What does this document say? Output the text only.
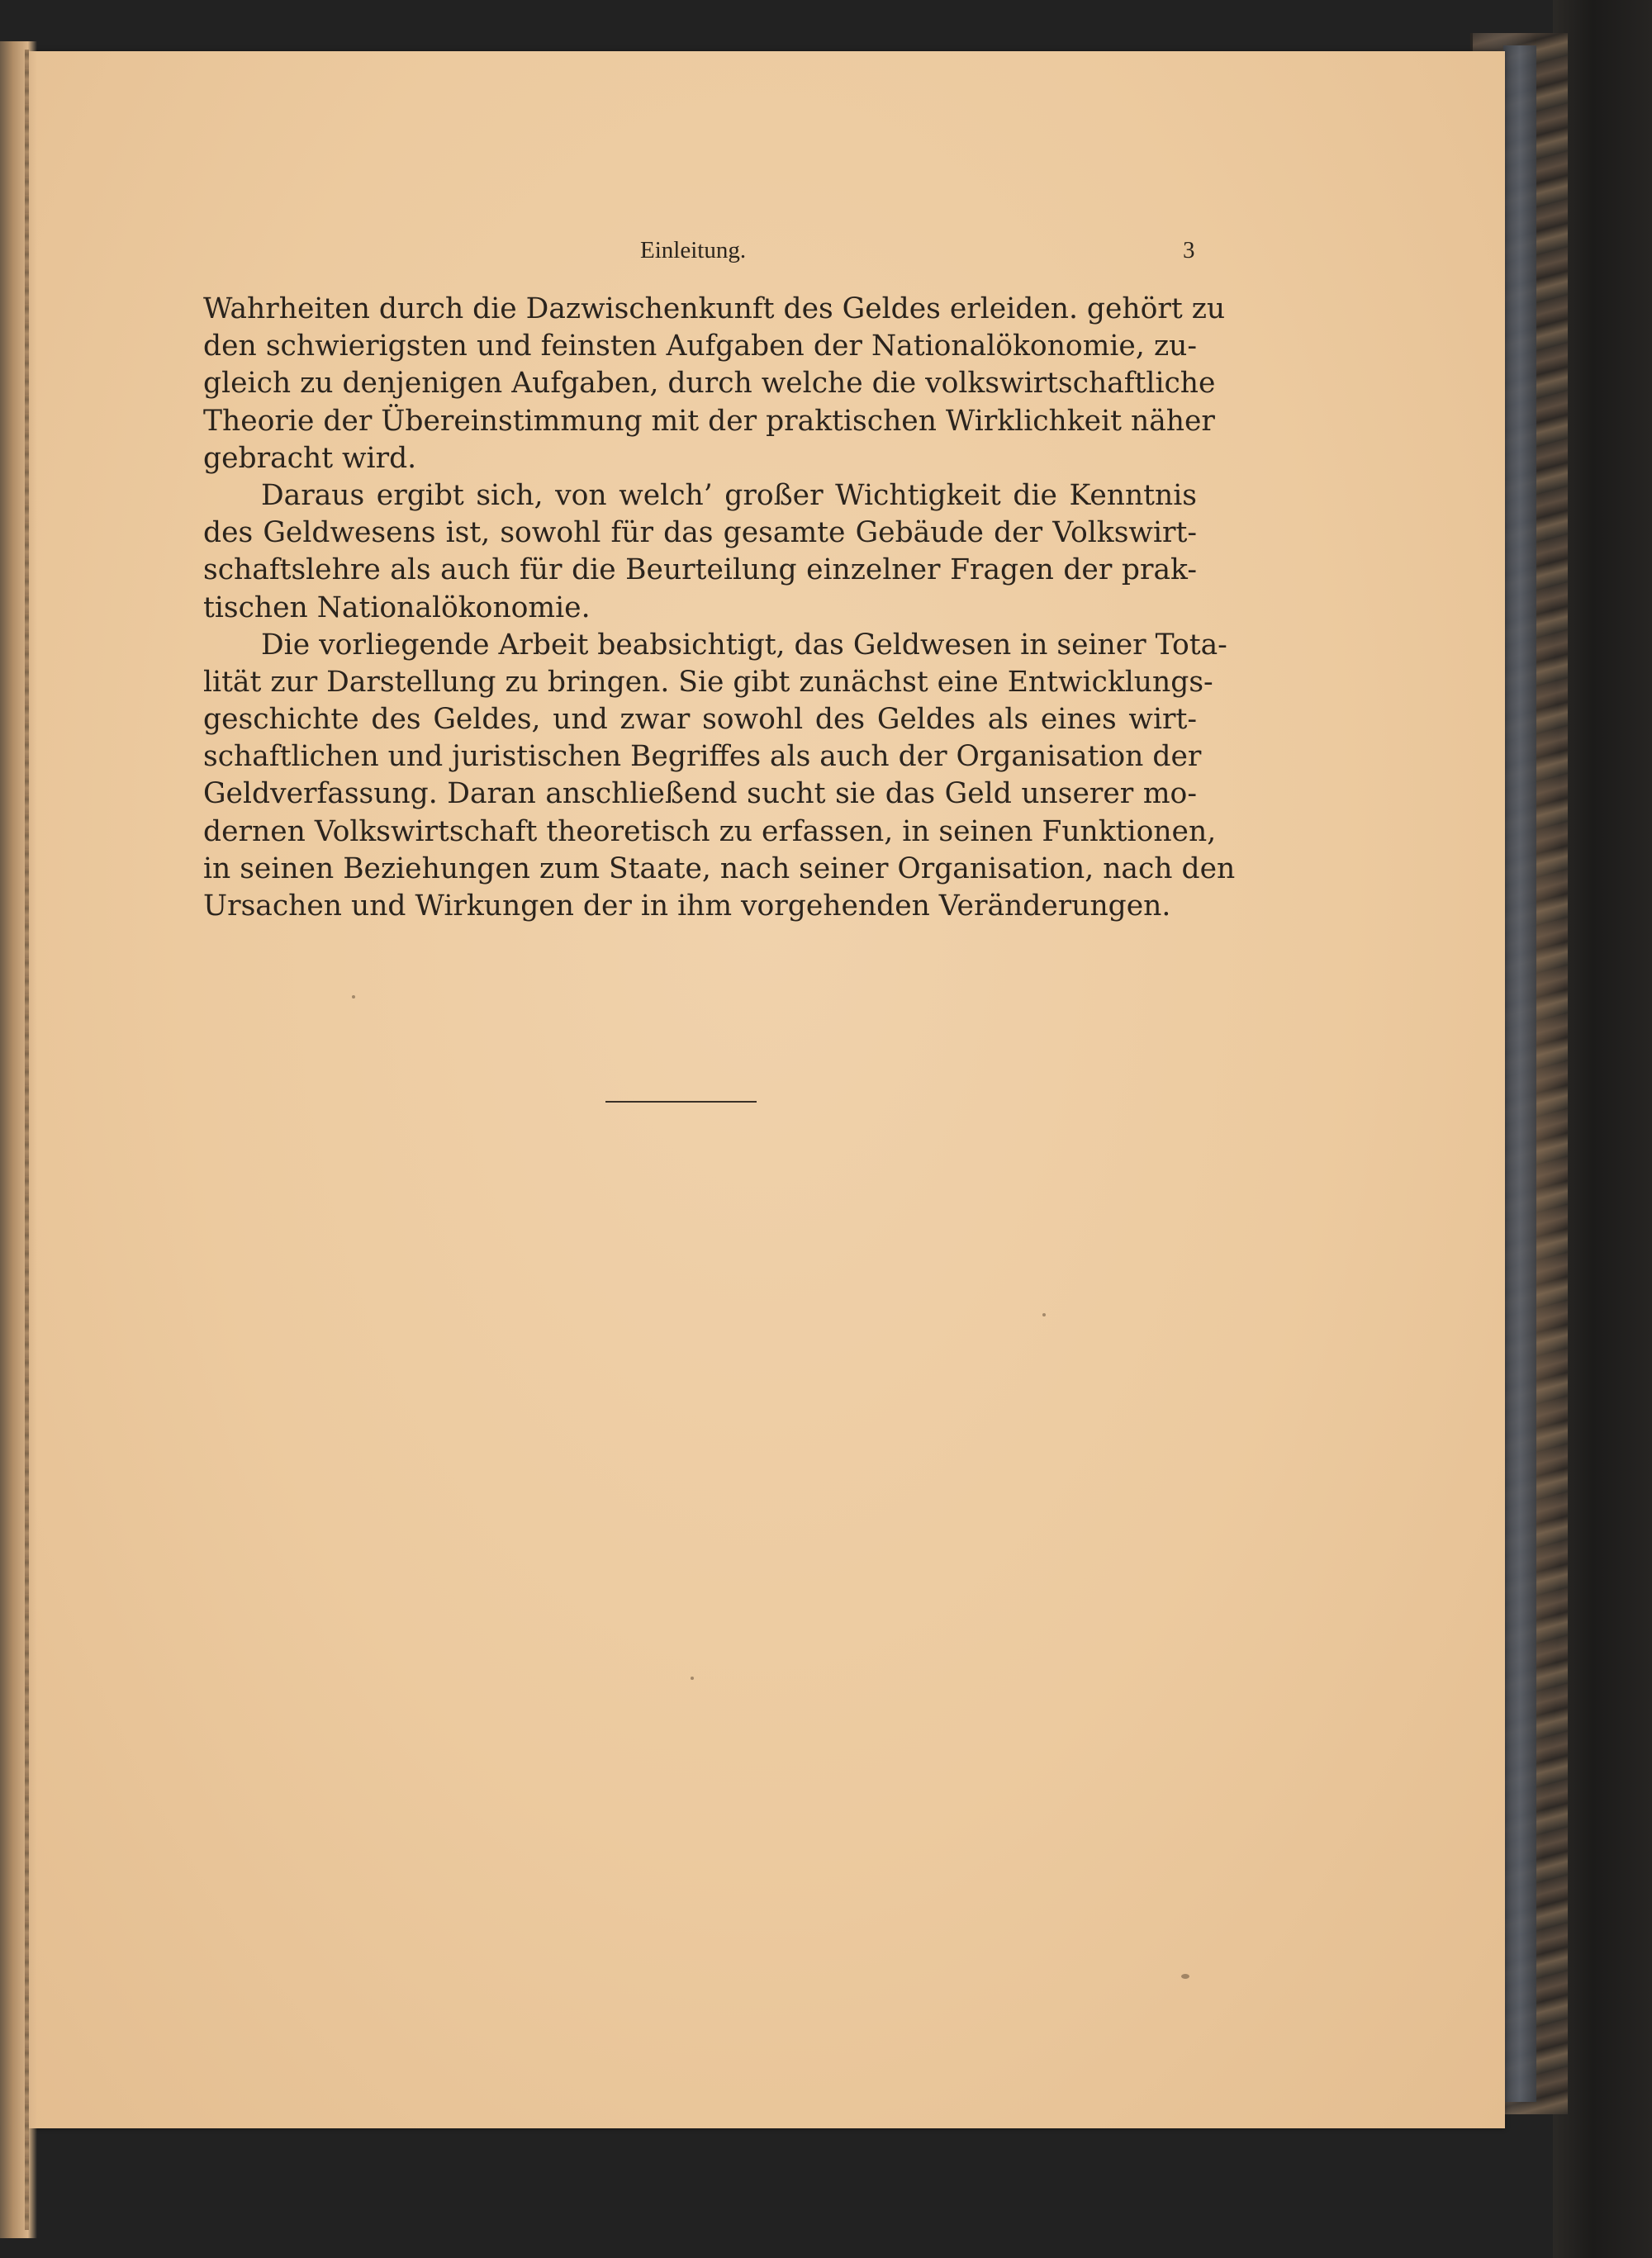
Einleitung.	3
Wahrheiten durch die Dazwischenkunft des Geldes erleiden. gehört zu
den schwierigsten und feinsten Aufgaben der Nationalökonomie, zu-
gleich zu denjenigen Aufgaben, durch welche die volkswirtschaftliche
Theorie der Übereinstimmung mit der praktischen Wirklichkeit näher
gebracht wird.
Daraus ergibt sich, von welch’ großer Wichtigkeit die Kenntnis
des Geldwesens ist, sowohl für das gesamte Gebäude der Volkswirt-
schaftslehre als auch für die Beurteilung einzelner Fragen der prak-
tischen Nationalökonomie.
Die vorliegende Arbeit beabsichtigt, das Geldwesen in seiner Tota-
lität zur Darstellung zu bringen. Sie gibt zunächst eine Entwicklungs-
geschichte des Geldes, und zwar sowohl des Geldes als eines wirt-
schaftlichen und juristischen Begriffes als auch der Organisation der
Geldverfassung. Daran anschließend sucht sie das Geld unserer mo-
dernen Volkswirtschaft theoretisch zu erfassen, in seinen Funktionen,
in seinen Beziehungen zum Staate, nach seiner Organisation, nach den
Ursachen und Wirkungen der in ihm vorgehenden Veränderungen.
